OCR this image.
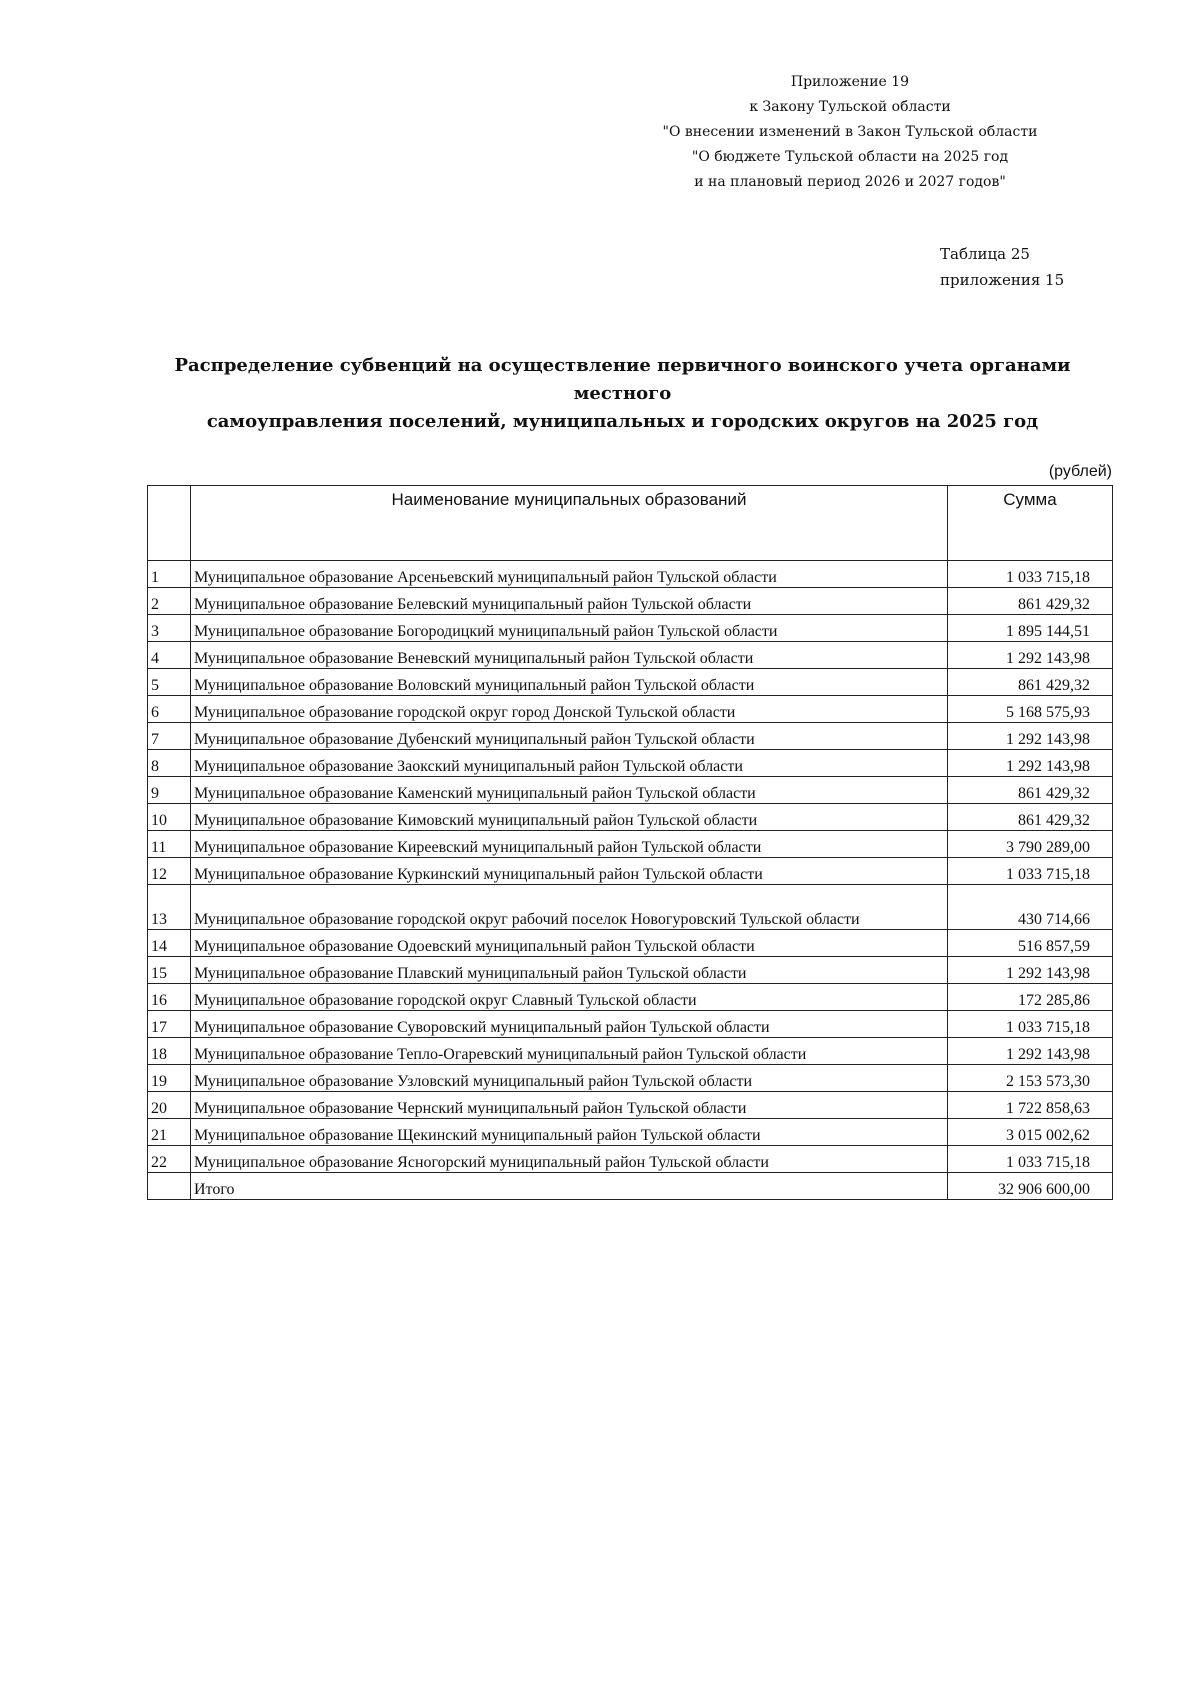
Приложение 19
к Закону Тульской области
"О внесении изменений в Закон Тульской области
"О бюджете Тульской области на 2025 год
и на плановый период 2026 и 2027 годов"
Таблица 25
приложения 15
Распределение субвенций на осуществление первичного воинского учета органами местного
самоуправления поселений, муниципальных и городских округов на 2025 год
(рублей)
	Наименование муниципальных образований	Сумма
1	Муниципальное образование Арсеньевский муниципальный район Тульской области	1 033 715,18
2	Муниципальное образование Белевский муниципальный район Тульской области	861 429,32
3	Муниципальное образование Богородицкий муниципальный район Тульской области	1 895 144,51
4	Муниципальное образование Веневский муниципальный район Тульской области	1 292 143,98
5	Муниципальное образование Воловский муниципальный район Тульской области	861 429,32
6	Муниципальное образование городской округ город Донской Тульской области	5 168 575,93
7	Муниципальное образование Дубенский муниципальный район Тульской области	1 292 143,98
8	Муниципальное образование Заокский муниципальный район Тульской области	1 292 143,98
9	Муниципальное образование Каменский муниципальный район Тульской области	861 429,32
10	Муниципальное образование Кимовский муниципальный район Тульской области	861 429,32
11	Муниципальное образование Киреевский муниципальный район Тульской области	3 790 289,00
12	Муниципальное образование Куркинский муниципальный район Тульской области	1 033 715,18
13	Муниципальное образование городской округ рабочий поселок Новогуровский Тульской области	430 714,66
14	Муниципальное образование Одоевский муниципальный район Тульской области	516 857,59
15	Муниципальное образование Плавский муниципальный район Тульской области	1 292 143,98
16	Муниципальное образование городской округ Славный Тульской области	172 285,86
17	Муниципальное образование Суворовский муниципальный район Тульской области	1 033 715,18
18	Муниципальное образование Тепло-Огаревский муниципальный район Тульской области	1 292 143,98
19	Муниципальное образование Узловский муниципальный район Тульской области	2 153 573,30
20	Муниципальное образование Чернский муниципальный район Тульской области	1 722 858,63
21	Муниципальное образование Щекинский муниципальный район Тульской области	3 015 002,62
22	Муниципальное образование Ясногорский муниципальный район Тульской области	1 033 715,18
	Итого	32 906 600,00
